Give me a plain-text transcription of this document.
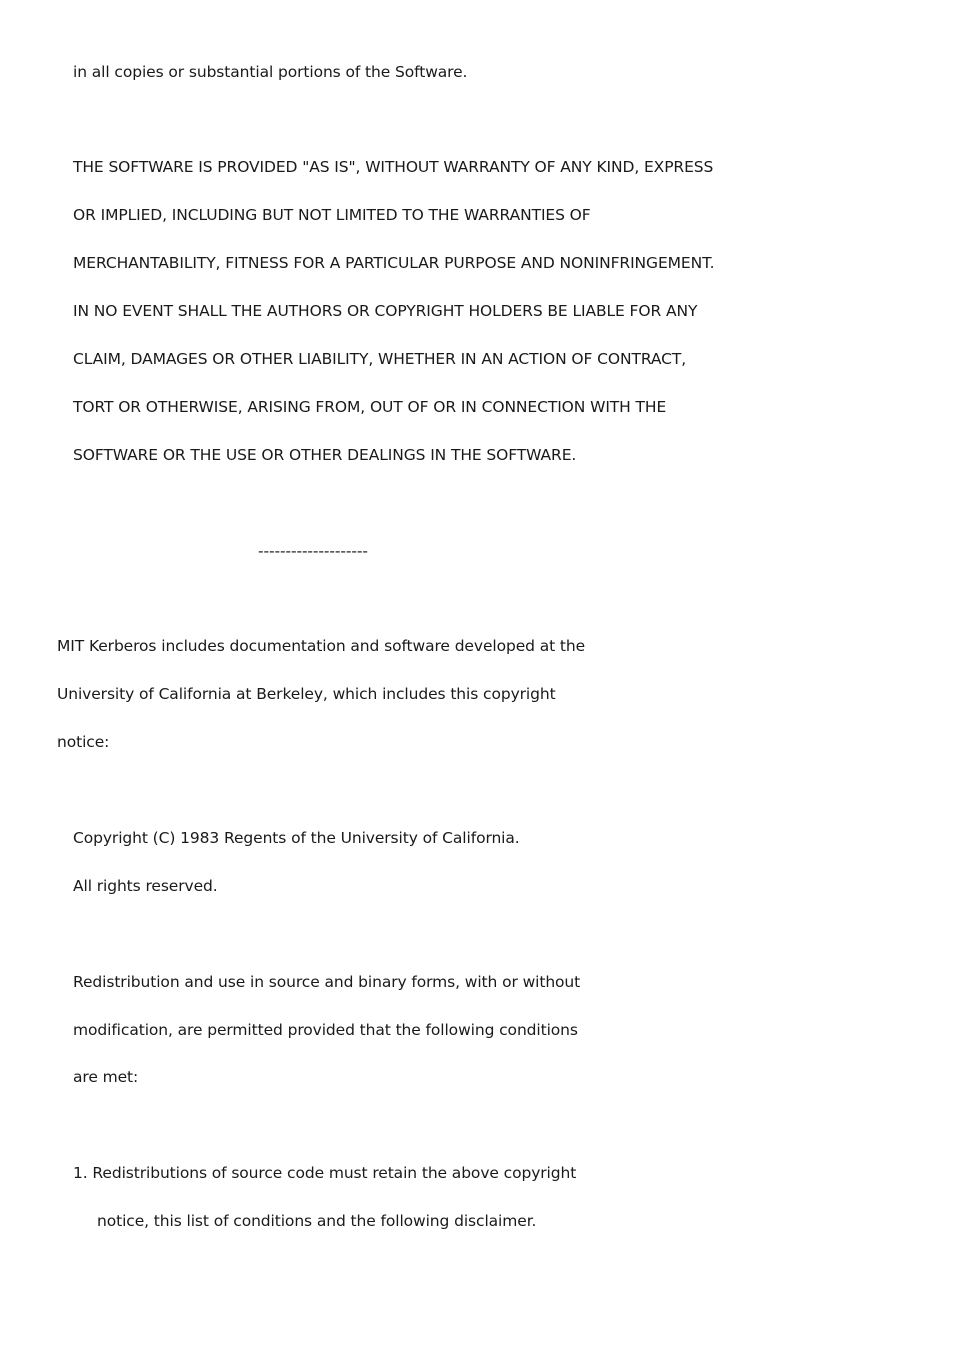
in all copies or substantial portions of the Software.
THE SOFTWARE IS PROVIDED "AS IS", WITHOUT WARRANTY OF ANY KIND, EXPRESS
OR IMPLIED, INCLUDING BUT NOT LIMITED TO THE WARRANTIES OF
MERCHANTABILITY, FITNESS FOR A PARTICULAR PURPOSE AND NONINFRINGEMENT.
IN NO EVENT SHALL THE AUTHORS OR COPYRIGHT HOLDERS BE LIABLE FOR ANY
CLAIM, DAMAGES OR OTHER LIABILITY, WHETHER IN AN ACTION OF CONTRACT,
TORT OR OTHERWISE, ARISING FROM, OUT OF OR IN CONNECTION WITH THE
SOFTWARE OR THE USE OR OTHER DEALINGS IN THE SOFTWARE.
--------------------
MIT Kerberos includes documentation and software developed at the
University of California at Berkeley, which includes this copyright
notice:
Copyright (C) 1983 Regents of the University of California.
All rights reserved.
Redistribution and use in source and binary forms, with or without
modification, are permitted provided that the following conditions
are met:
1. Redistributions of source code must retain the above copyright
notice, this list of conditions and the following disclaimer.
